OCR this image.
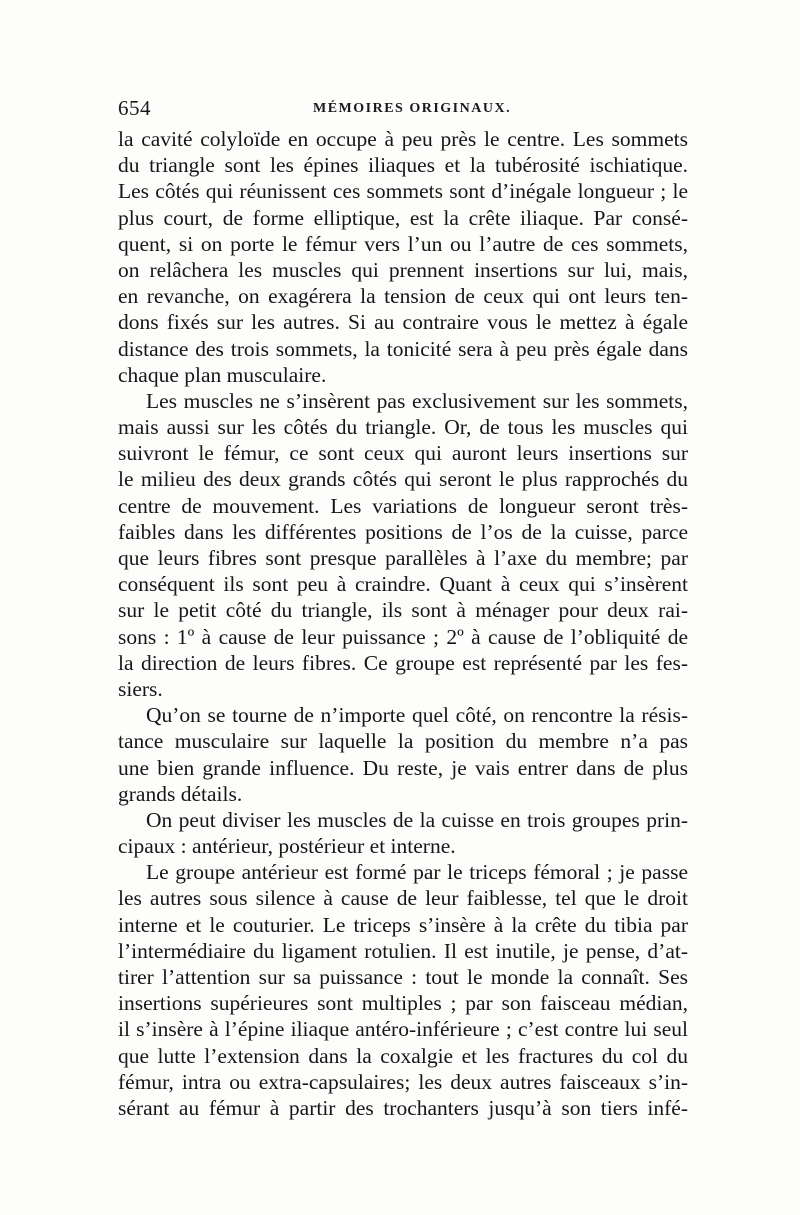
654	MÉMOIRES ORIGINAUX.
la cavité colyloïde en occupe à peu près le centre. Les sommets
du triangle sont les épines iliaques et la tubérosité ischiatique.
Les côtés qui réunissent ces sommets sont d’inégale longueur ; le
plus court, de forme elliptique, est la crête iliaque. Par consé-
quent, si on porte le fémur vers l’un ou l’autre de ces sommets,
on relâchera les muscles qui prennent insertions sur lui, mais,
en revanche, on exagérera la tension de ceux qui ont leurs ten-
dons fixés sur les autres. Si au contraire vous le mettez à égale
distance des trois sommets, la tonicité sera à peu près égale dans
chaque plan musculaire.
Les muscles ne s’insèrent pas exclusivement sur les sommets,
mais aussi sur les côtés du triangle. Or, de tous les muscles qui
suivront le fémur, ce sont ceux qui auront leurs insertions sur
le milieu des deux grands côtés qui seront le plus rapprochés du
centre de mouvement. Les variations de longueur seront très-
faibles dans les différentes positions de l’os de la cuisse, parce
que leurs fibres sont presque parallèles à l’axe du membre; par
conséquent ils sont peu à craindre. Quant à ceux qui s’insèrent
sur le petit côté du triangle, ils sont à ménager pour deux rai-
sons : 1º à cause de leur puissance ; 2º à cause de l’obliquité de
la direction de leurs fibres. Ce groupe est représenté par les fes-
siers.
Qu’on se tourne de n’importe quel côté, on rencontre la résis-
tance musculaire sur laquelle la position du membre n’a pas
une bien grande influence. Du reste, je vais entrer dans de plus
grands détails.
On peut diviser les muscles de la cuisse en trois groupes prin-
cipaux : antérieur, postérieur et interne.
Le groupe antérieur est formé par le triceps fémoral ; je passe
les autres sous silence à cause de leur faiblesse, tel que le droit
interne et le couturier. Le triceps s’insère à la crête du tibia par
l’intermédiaire du ligament rotulien. Il est inutile, je pense, d’at-
tirer l’attention sur sa puissance : tout le monde la connaît. Ses
insertions supérieures sont multiples ; par son faisceau médian,
il s’insère à l’épine iliaque antéro-inférieure ; c’est contre lui seul
que lutte l’extension dans la coxalgie et les fractures du col du
fémur, intra ou extra-capsulaires; les deux autres faisceaux s’in-
sérant au fémur à partir des trochanters jusqu’à son tiers infé-
